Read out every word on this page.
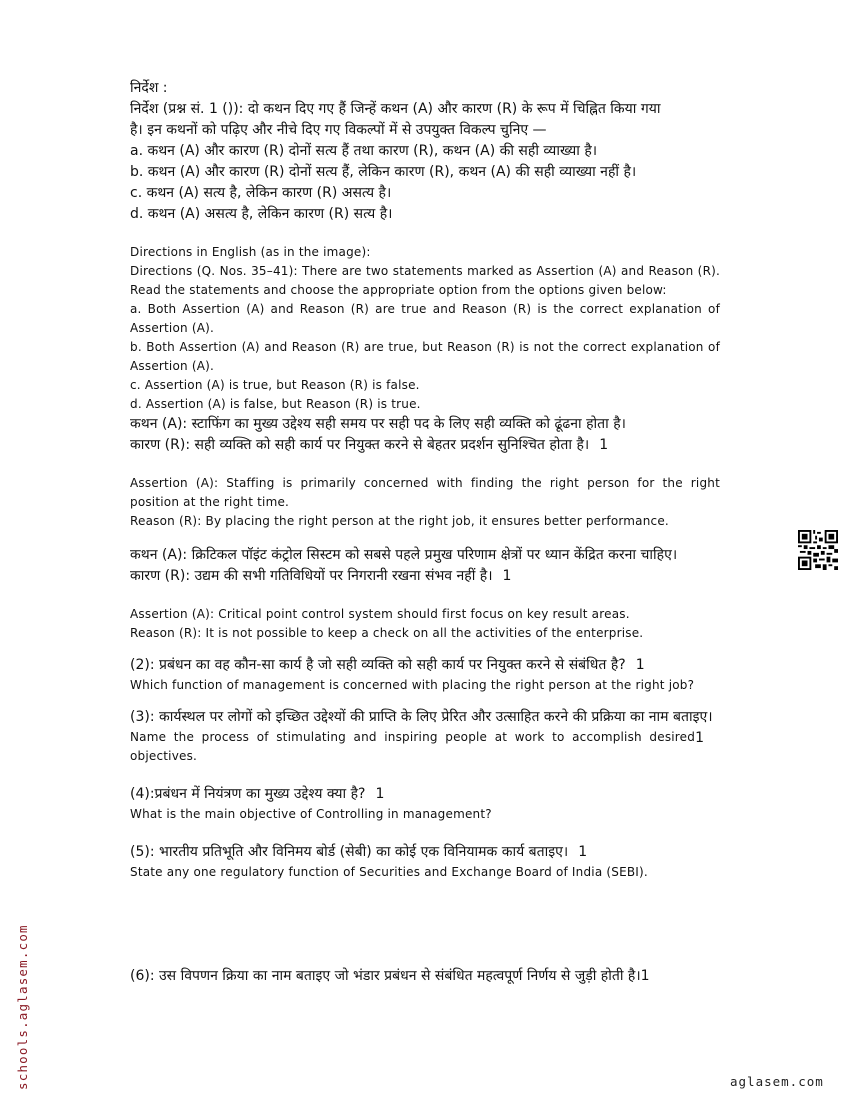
निर्देश :

निर्देश (प्रश्न सं. 1 ()): दो कथन दिए गए हैं जिन्हें कथन (A) और कारण (R) के रूप में चिह्नित किया गया

है। इन कथनों को पढ़िए और नीचे दिए गए विकल्पों में से उपयुक्त विकल्प चुनिए —

a. कथन (A) और कारण (R) दोनों सत्य हैं तथा कारण (R), कथन (A) की सही व्याख्या है।

b. कथन (A) और कारण (R) दोनों सत्य हैं, लेकिन कारण (R), कथन (A) की सही व्याख्या नहीं है।

c. कथन (A) सत्य है, लेकिन कारण (R) असत्य है।

d. कथन (A) असत्य है, लेकिन कारण (R) सत्य है।

Directions in English (as in the image):

Directions (Q. Nos. 35–41): There are two statements marked as Assertion (A) and Reason (R). Read the statements and choose the appropriate option from the options given below:

a. Both Assertion (A) and Reason (R) are true and Reason (R) is the correct explanation of Assertion (A).

b. Both Assertion (A) and Reason (R) are true, but Reason (R) is not the correct explanation of Assertion (A).

c. Assertion (A) is true, but Reason (R) is false.

d. Assertion (A) is false, but Reason (R) is true.

कथन (A): स्टाफिंग का मुख्य उद्देश्य सही समय पर सही पद के लिए सही व्यक्ति को ढूंढना होता है।

कारण (R): सही व्यक्ति को सही कार्य पर नियुक्त करने से बेहतर प्रदर्शन सुनिश्चित होता है। 1

Assertion (A): Staffing is primarily concerned with finding the right person for the right position at the right time.

Reason (R): By placing the right person at the right job, it ensures better performance.

कथन (A): क्रिटिकल पॉइंट कंट्रोल सिस्टम को सबसे पहले प्रमुख परिणाम क्षेत्रों पर ध्यान केंद्रित करना चाहिए।

कारण (R): उद्यम की सभी गतिविधियों पर निगरानी रखना संभव नहीं है। 1

Assertion (A): Critical point control system should first focus on key result areas.

Reason (R): It is not possible to keep a check on all the activities of the enterprise.

(2): प्रबंधन का वह कौन-सा कार्य है जो सही व्यक्ति को सही कार्य पर नियुक्त करने से संबंधित है? 1

Which function of management is concerned with placing the right person at the right job?

(3): कार्यस्थल पर लोगों को इच्छित उद्देश्यों की प्राप्ति के लिए प्रेरित और उत्साहित करने की प्रक्रिया का नाम बताइए।
1

Name the process of stimulating and inspiring people at work to accomplish desired objectives.

(4):प्रबंधन में नियंत्रण का मुख्य उद्देश्य क्या है? 1

What is the main objective of Controlling in management?

(5): भारतीय प्रतिभूति और विनिमय बोर्ड (सेबी) का कोई एक विनियामक कार्य बताइए। 1

State any one regulatory function of Securities and Exchange Board of India (SEBI).

(6): उस विपणन क्रिया का नाम बताइए जो भंडार प्रबंधन से संबंधित महत्वपूर्ण निर्णय से जुड़ी होती है।1

schools.aglasem.com	aglasem.com
